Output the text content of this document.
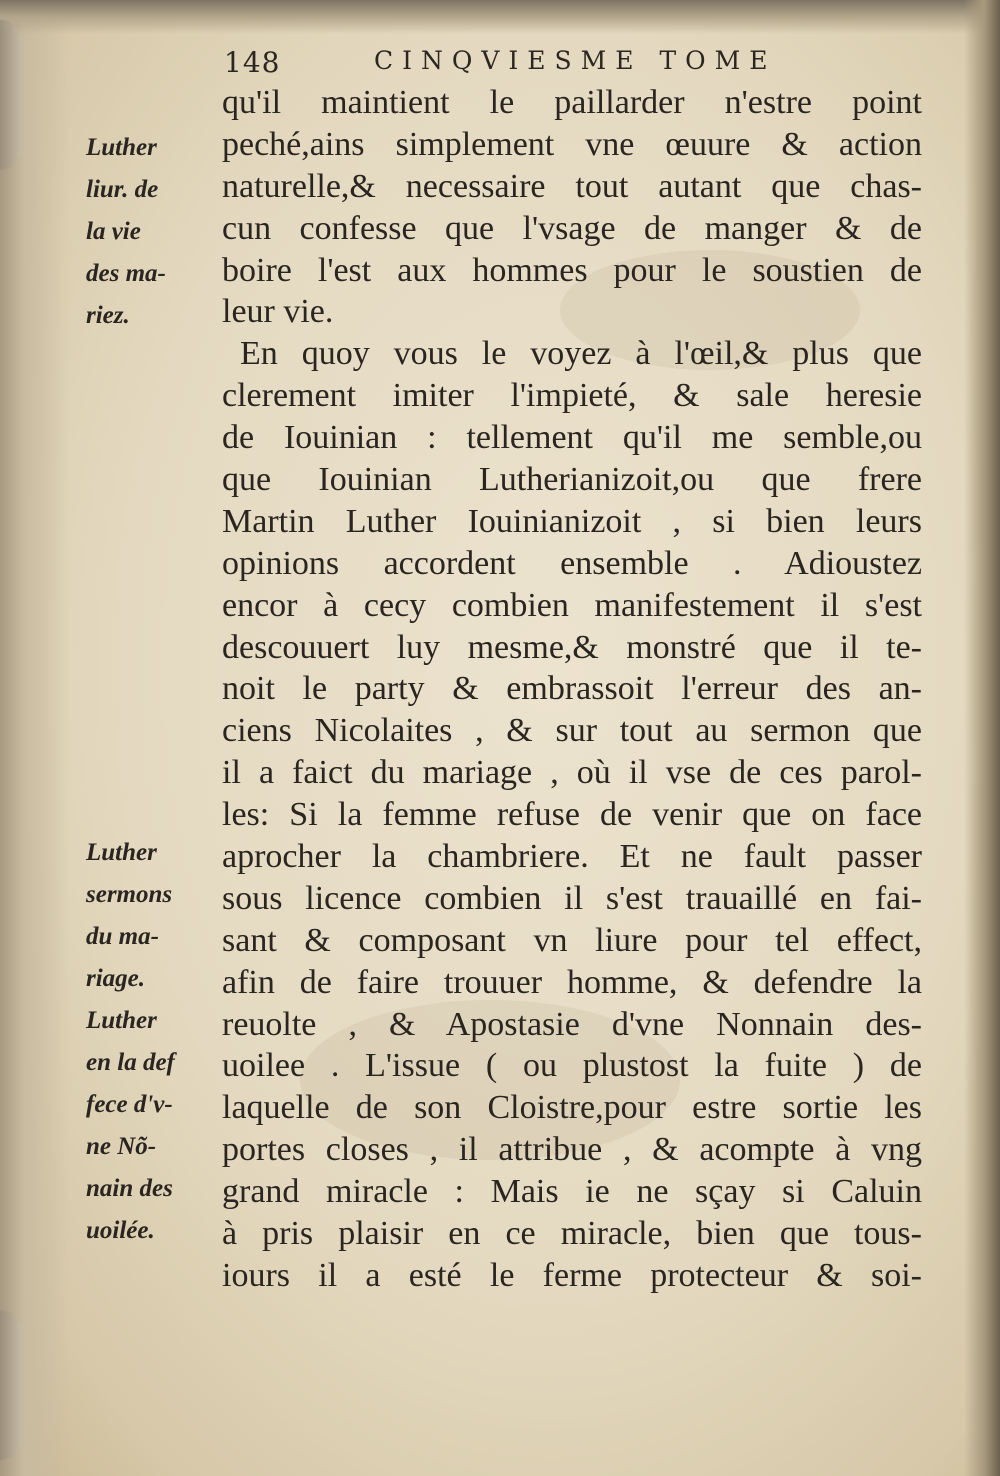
148	CINQVIESME TOME
Luther
liur. de
la vie
des ma-
riez.
Luther
sermons
du ma-
riage.
Luther
en la def
fece d'v-
ne Nõ-
nain des
uoilée.
qu'il maintient le paillarder n'estre point
peché,ains simplement vne œuure & action
naturelle,& necessaire tout autant que chas-
cun confesse que l'vsage de manger & de
boire l'est aux hommes pour le soustien de
leur vie.
En quoy vous le voyez à l'œil,& plus que
clerement imiter l'impieté, & sale heresie
de Iouinian : tellement qu'il me semble,ou
que Iouinian Lutherianizoit,ou que frere
Martin Luther Iouinianizoit , si bien leurs
opinions accordent ensemble . Adioustez
encor à cecy combien manifestement il s'est
descouuert luy mesme,& monstré que il te-
noit le party & embrassoit l'erreur des an-
ciens Nicolaites , & sur tout au sermon que
il a faict du mariage , où il vse de ces parol-
les: Si la femme refuse de venir que on face
aprocher la chambriere. Et ne fault passer
sous licence combien il s'est trauaillé en fai-
sant & composant vn liure pour tel effect,
afin de faire trouuer homme, & defendre la
reuolte , & Apostasie d'vne Nonnain des-
uoilee . L'issue ( ou plustost la fuite ) de
laquelle de son Cloistre,pour estre sortie les
portes closes , il attribue , & acompte à vng
grand miracle : Mais ie ne sçay si Caluin
à pris plaisir en ce miracle, bien que tous-
iours il a esté le ferme protecteur & soi-
